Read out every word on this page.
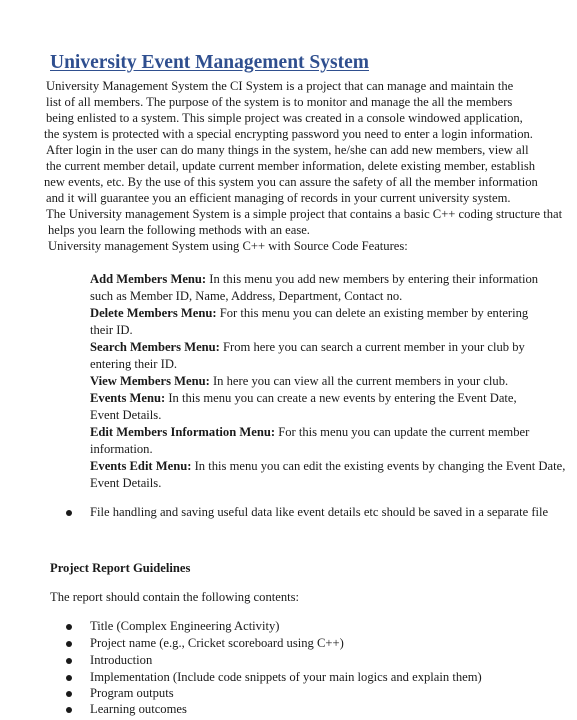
University Event Management System
University Management System the CI System is a project that can manage and maintain the
list of all members. The purpose of the system is to monitor and manage the all the members
being enlisted to a system. This simple project was created in a console windowed application,
the system is protected with a special encrypting password you need to enter a login information.
After login in the user can do many things in the system, he/she can add new members, view all
the current member detail, update current member information, delete existing member, establish
new events, etc. By the use of this system you can assure the safety of all the member information
and it will guarantee you an efficient managing of records in your current university system.
The University management System is a simple project that contains a basic C++ coding structure that
helps you learn the following methods with an ease.
University management System using C++ with Source Code Features:
Add Members Menu: In this menu you add new members by entering their information
such as Member ID, Name, Address, Department, Contact no.
Delete Members Menu: For this menu you can delete an existing member by entering
their ID.
Search Members Menu: From here you can search a current member in your club by
entering their ID.
View Members Menu: In here you can view all the current members in your club.
Events Menu: In this menu you can create a new events by entering the Event Date,
Event Details.
Edit Members Information Menu: For this menu you can update the current member
information.
Events Edit Menu: In this menu you can edit the existing events by changing the Event Date,
Event Details.
File handling and saving useful data like event details etc should be saved in a separate file
Project Report Guidelines
The report should contain the following contents:
Title (Complex Engineering Activity)
Project name (e.g., Cricket scoreboard using C++)
Introduction
Implementation (Include code snippets of your main logics and explain them)
Program outputs
Learning outcomes
